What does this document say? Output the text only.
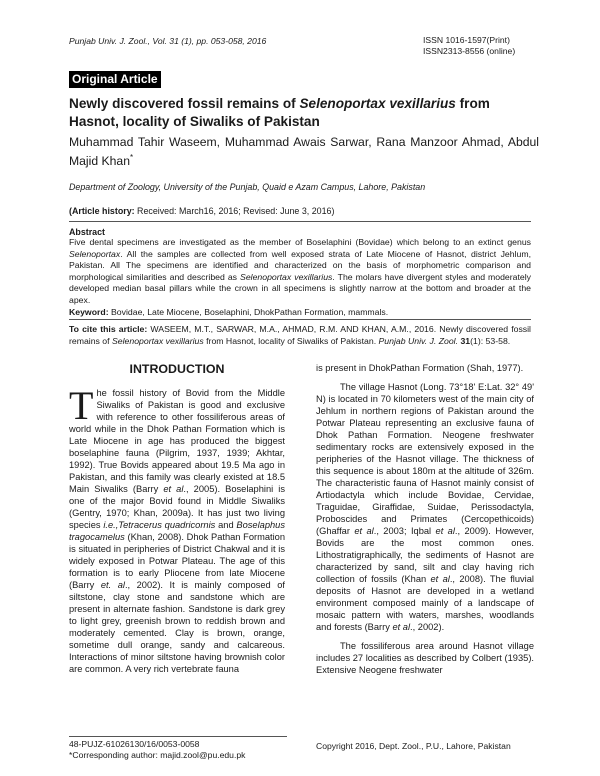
Punjab Univ. J. Zool., Vol. 31 (1), pp. 053-058, 2016	ISSN 1016-1597(Print)
ISSN2313-8556 (online)
Original Article
Newly discovered fossil remains of Selenoportax vexillarius from Hasnot, locality of Siwaliks of Pakistan
Muhammad Tahir Waseem, Muhammad Awais Sarwar, Rana Manzoor Ahmad, Abdul Majid Khan*
Department of Zoology, University of the Punjab, Quaid e Azam Campus, Lahore, Pakistan
(Article history: Received: March16, 2016; Revised: June 3, 2016)
Abstract
Five dental specimens are investigated as the member of Boselaphini (Bovidae) which belong to an extinct genus Selenoportax. All the samples are collected from well exposed strata of Late Miocene of Hasnot, district Jehlum, Pakistan. All The specimens are identified and characterized on the basis of morphometric comparison and morphological similarities and described as Selenoportax vexillarius. The molars have divergent styles and moderately developed median basal pillars while the crown in all specimens is slightly narrow at the bottom and broader at the apex.
Keyword: Bovidae, Late Miocene, Boselaphini, DhokPathan Formation, mammals.
To cite this article: WASEEM, M.T., SARWAR, M.A., AHMAD, R.M. AND KHAN, A.M., 2016. Newly discovered fossil remains of Selenoportax vexillarius from Hasnot, locality of Siwaliks of Pakistan. Punjab Univ. J. Zool. 31(1): 53-58.
INTRODUCTION
The fossil history of Bovid from the Middle Siwaliks of Pakistan is good and exclusive with reference to other fossiliferous areas of world while in the Dhok Pathan Formation which is Late Miocene in age has produced the biggest boselaphine fauna (Pilgrim, 1937, 1939; Akhtar, 1992). True Bovids appeared about 19.5 Ma ago in Pakistan, and this family was clearly existed at 18.5 Main Siwaliks (Barry et al., 2005). Boselaphini is one of the major Bovid found in Middle Siwaliks (Gentry, 1970; Khan, 2009a). It has just two living species i.e.,Tetracerus quadricornis and Boselaphus tragocamelus (Khan, 2008). Dhok Pathan Formation is situated in peripheries of District Chakwal and it is widely exposed in Potwar Plateau. The age of this formation is to early Pliocene from late Miocene (Barry et. al., 2002). It is mainly composed of siltstone, clay stone and sandstone which are present in alternate fashion. Sandstone is dark grey to light grey, greenish brown to reddish brown and moderately cemented. Clay is brown, orange, sometime dull orange, sandy and calcareous. Interactions of minor siltstone having brownish color are common. A very rich vertebrate fauna

is present in DhokPathan Formation (Shah, 1977).

The village Hasnot (Long. 73°18' E:Lat. 32° 49' N) is located in 70 kilometers west of the main city of Jehlum in northern regions of Pakistan around the Potwar Plateau representing an exclusive fauna of Dhok Pathan Formation. Neogene freshwater sedimentary rocks are extensively exposed in the peripheries of the Hasnot village. The thickness of this sequence is about 180m at the altitude of 326m. The characteristic fauna of Hasnot mainly consist of Artiodactyla which include Bovidae, Cervidae, Traguidae, Giraffidae, Suidae, Perissodactyla, Proboscides and Primates (Cercopethicoids) (Ghaffar et al., 2003; Iqbal et al., 2009). However, Bovids are the most common ones. Lithostratigraphically, the sediments of Hasnot are characterized by sand, silt and clay having rich collection of fossils (Khan et al., 2008). The fluvial deposits of Hasnot are developed in a wetland environment composed mainly of a landscape of mosaic pattern with waters, marshes, woodlands and forests (Barry et al., 2002).

The fossiliferous area around Hasnot village includes 27 localities as described by Colbert (1935). Extensive Neogene freshwater

48-PUJZ-61026130/16/0053-0058
*Corresponding author: majid.zool@pu.edu.pk
Copyright 2016, Dept. Zool., P.U., Lahore, Pakistan
